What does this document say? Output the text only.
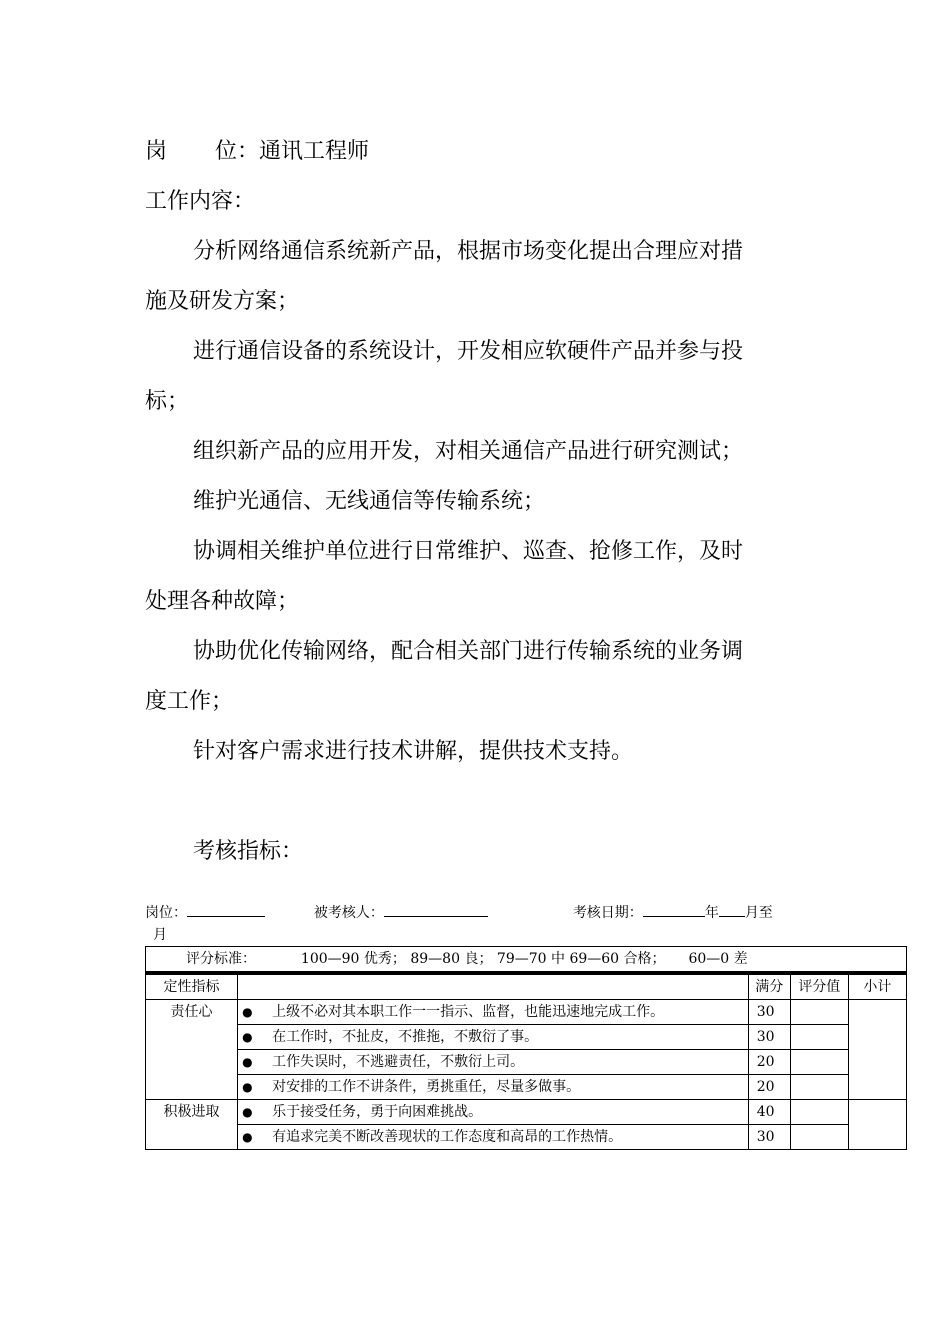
岗 位：通讯工程师
工作内容：
分析网络通信系统新产品，根据市场变化提出合理应对措
施及研发方案；
进行通信设备的系统设计，开发相应软硬件产品并参与投
标；
组织新产品的应用开发，对相关通信产品进行研究测试；
维护光通信、无线通信等传输系统；
协调相关维护单位进行日常维护、巡查、抢修工作，及时
处理各种故障；
协助优化传输网络，配合相关部门进行传输系统的业务调
度工作；
针对客户需求进行技术讲解，提供技术支持。
考核指标：
岗位：	被考核人：	考核日期：	年 月至
月
评分标准： 100—90 优秀； 89—80 良； 79—70 中 69—60 合格； 60—0 差				
定性指标		满分	评分值	小计
责任心	● 上级不必对其本职工作一一指示、监督，也能迅速地完成工作。	30		

	● 在工作时，不扯皮，不推拖，不敷衍了事。	30		

	● 工作失误时，不逃避责任，不敷衍上司。	20		

	● 对安排的工作不讲条件，勇挑重任，尽量多做事。	20		
积极进取	● 乐于接受任务，勇于向困难挑战。	40		

	● 有追求完美不断改善现状的工作态度和高昂的工作热情。	30		
